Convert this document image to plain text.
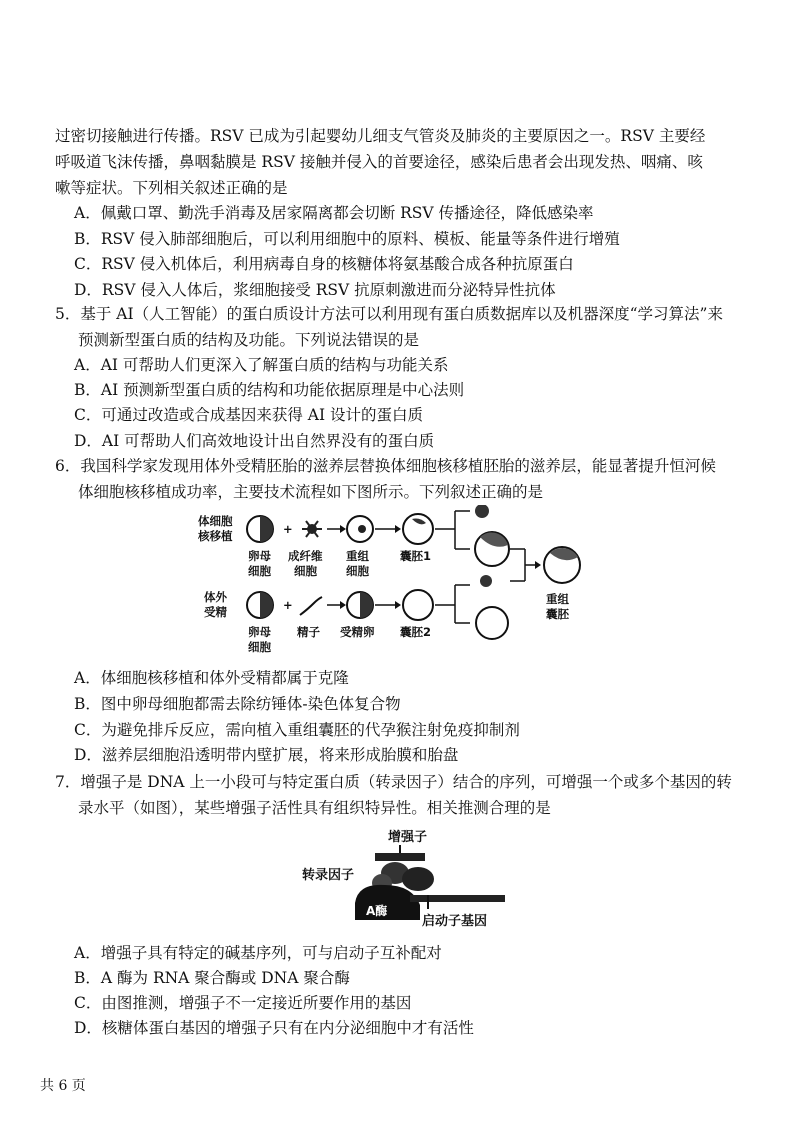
过密切接触进行传播。RSV 已成为引起婴幼儿细支气管炎及肺炎的主要原因之一。RSV 主要经
呼吸道飞沫传播，鼻咽黏膜是 RSV 接触并侵入的首要途径，感染后患者会出现发热、咽痛、咳
嗽等症状。下列相关叙述正确的是
A．佩戴口罩、勤洗手消毒及居家隔离都会切断 RSV 传播途径，降低感染率
B．RSV 侵入肺部细胞后，可以利用细胞中的原料、模板、能量等条件进行增殖
C．RSV 侵入机体后，利用病毒自身的核糖体将氨基酸合成各种抗原蛋白
D．RSV 侵入人体后，浆细胞接受 RSV 抗原刺激进而分泌特异性抗体
5．基于 AI（人工智能）的蛋白质设计方法可以利用现有蛋白质数据库以及机器深度“学习算法”来
预测新型蛋白质的结构及功能。下列说法错误的是
A．AI 可帮助人们更深入了解蛋白质的结构与功能关系
B．AI 预测新型蛋白质的结构和功能依据原理是中心法则
C．可通过改造或合成基因来获得 AI 设计的蛋白质
D．AI 可帮助人们高效地设计出自然界没有的蛋白质
6．我国科学家发现用体外受精胚胎的滋养层替换体细胞核移植胚胎的滋养层，能显著提升恒河候
体细胞核移植成功率，主要技术流程如下图所示。下列叙述正确的是
体细胞
核移植
卵母
细胞
+
成纤维
细胞
重组
细胞
囊胚1
体外
受精
卵母
细胞
+
精子 受精卵 囊胚2
重组
囊胚
A．体细胞核移植和体外受精都属于克隆
B．图中卵母细胞都需去除纺锤体-染色体复合物
C．为避免排斥反应，需向植入重组囊胚的代孕猴注射免疫抑制剂
D．滋养层细胞沿透明带内壁扩展，将来形成胎膜和胎盘
7．增强子是 DNA 上一小段可与特定蛋白质（转录因子）结合的序列，可增强一个或多个基因的转
录水平（如图），某些增强子活性具有组织特异性。相关推测合理的是
增强子
转录因子
A酶
启动子基因
A．增强子具有特定的碱基序列，可与启动子互补配对
B．A 酶为 RNA 聚合酶或 DNA 聚合酶
C．由图推测，增强子不一定接近所要作用的基因
D．核糖体蛋白基因的增强子只有在内分泌细胞中才有活性
共 6 页
